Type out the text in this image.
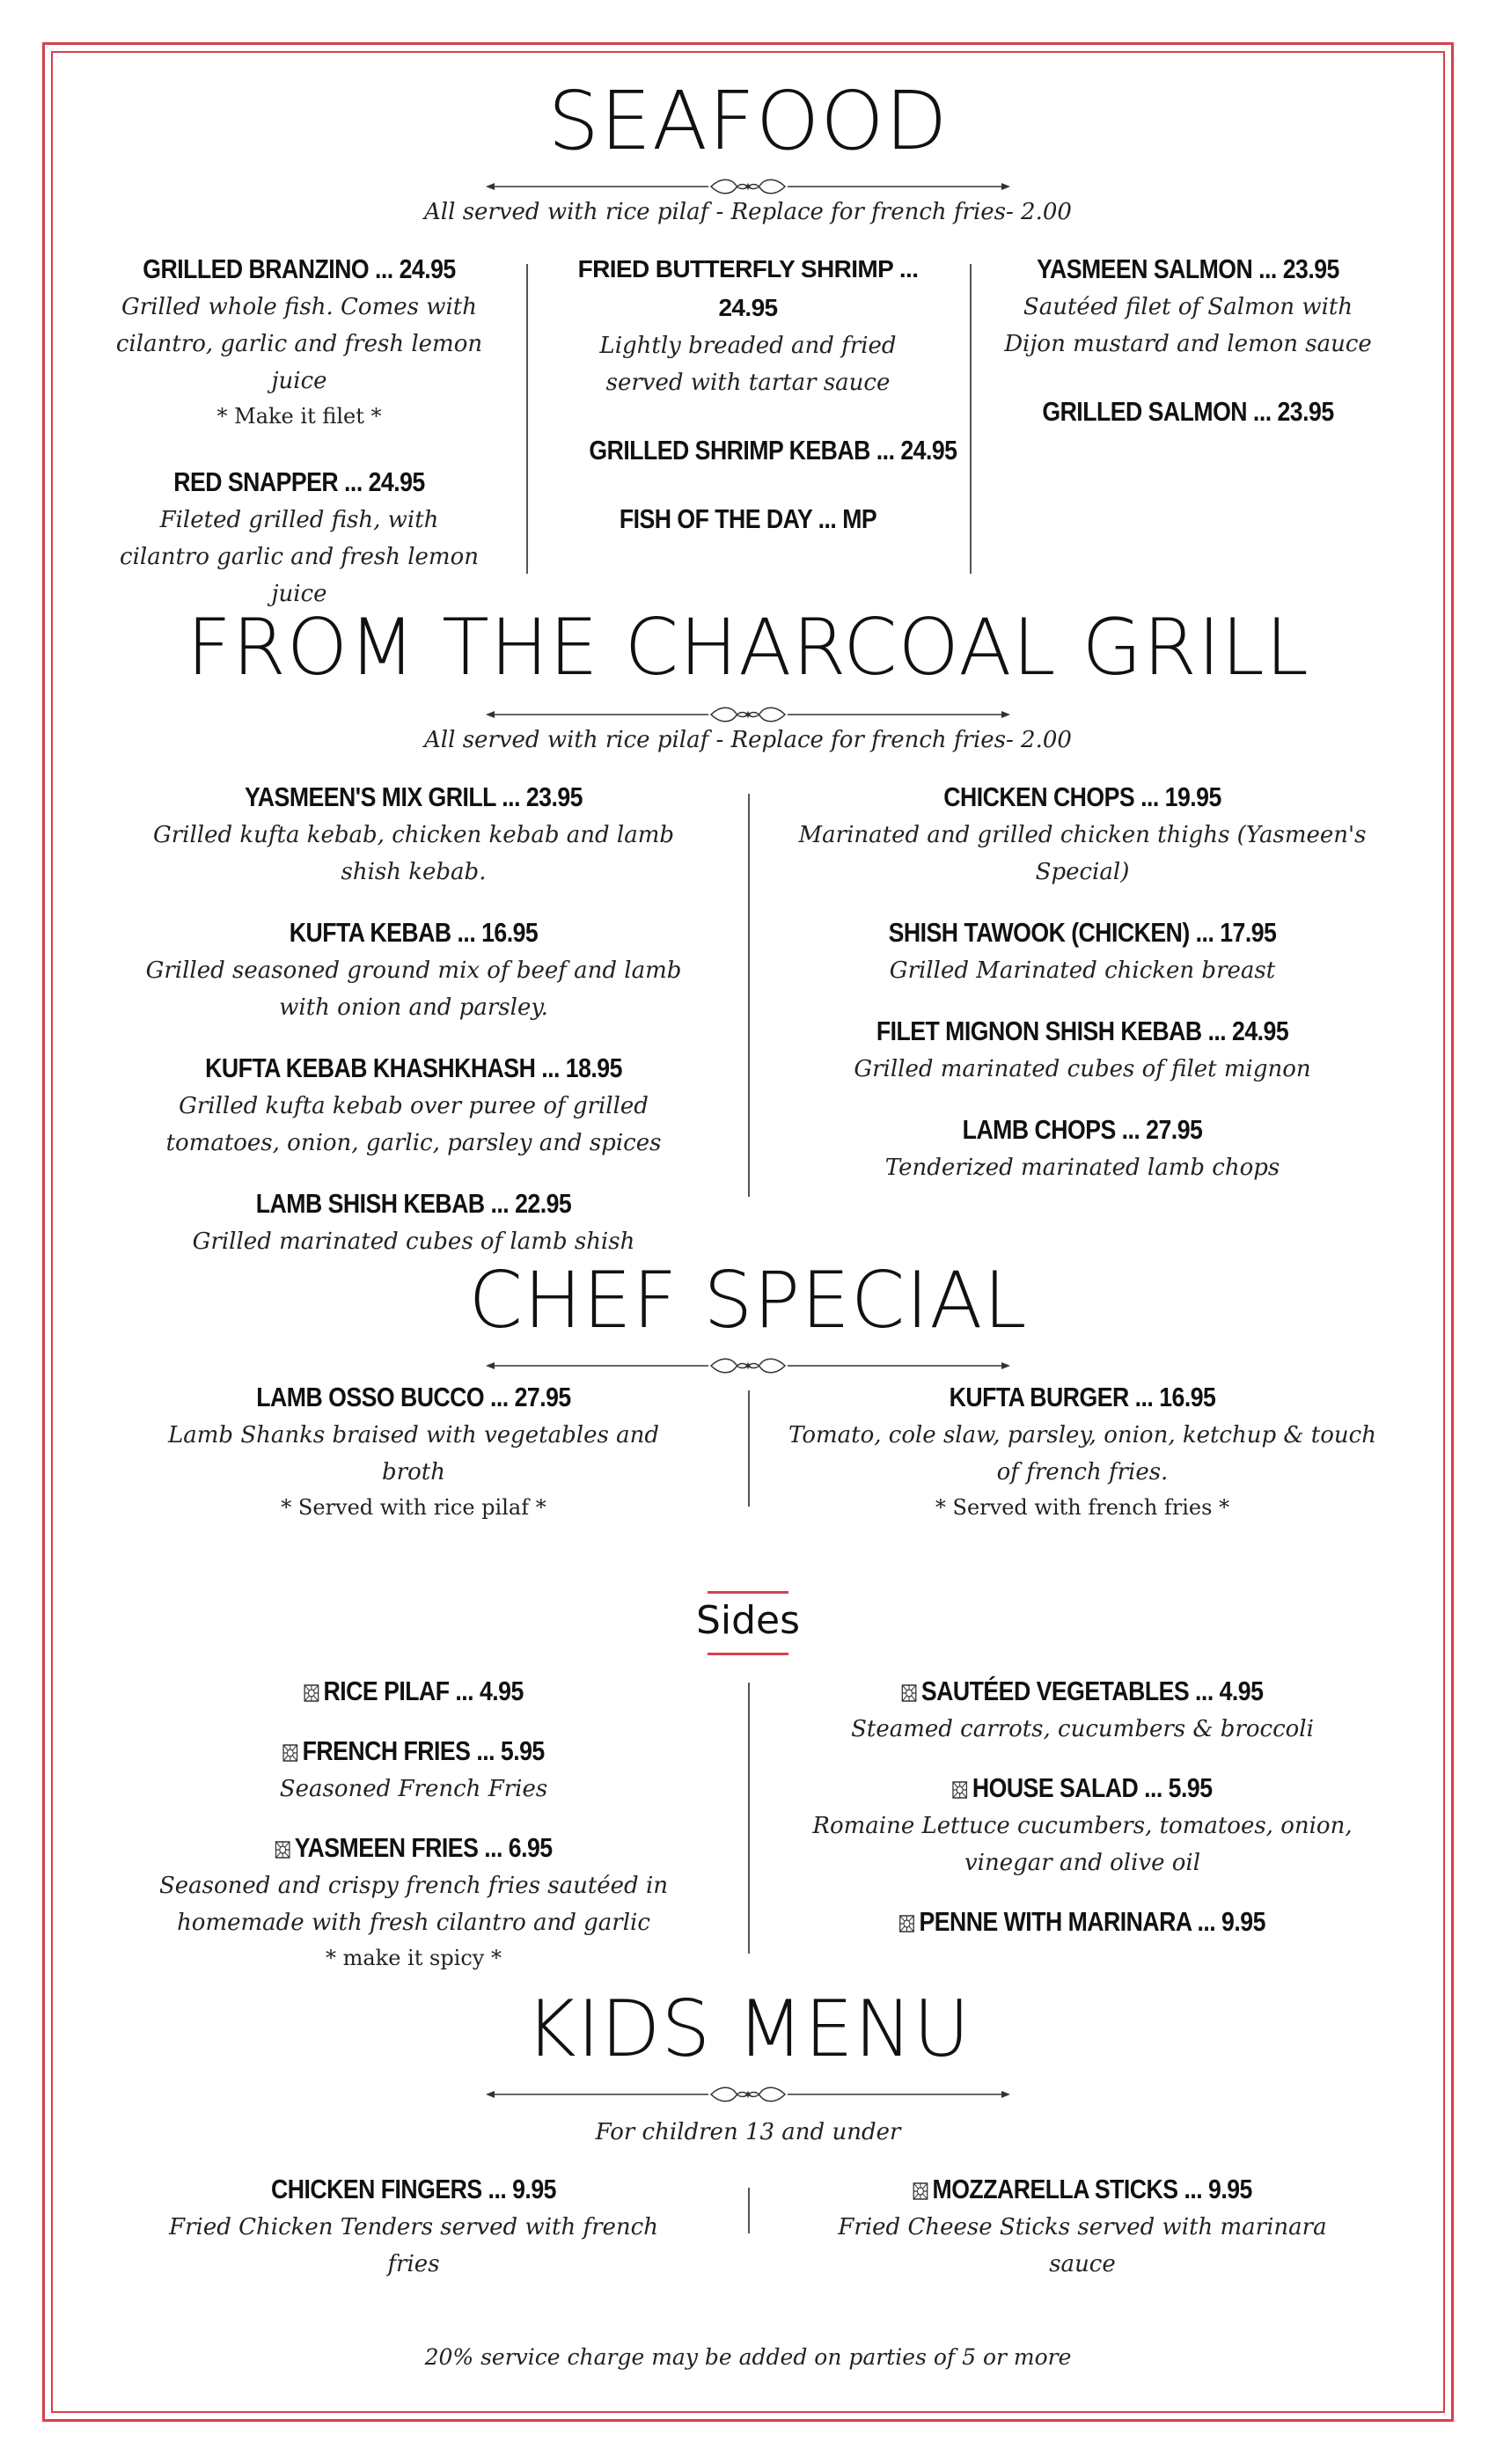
SEAFOOD
All served with rice pilaf - Replace for french fries- 2.00
GRILLED BRANZINO ... 24.95
Grilled whole fish. Comes with cilantro, garlic and fresh lemon juice
* Make it filet *
RED SNAPPER ... 24.95
Fileted grilled fish, with cilantro garlic and fresh lemon juice
FRIED BUTTERFLY SHRIMP ... 24.95
Lightly breaded and fried served with tartar sauce
GRILLED SHRIMP KEBAB ... 24.95
FISH OF THE DAY ... MP
YASMEEN SALMON ... 23.95
Sautéed filet of Salmon with Dijon mustard and lemon sauce
GRILLED SALMON ... 23.95
FROM THE CHARCOAL GRILL
All served with rice pilaf - Replace for french fries- 2.00
YASMEEN'S MIX GRILL ... 23.95
Grilled kufta kebab, chicken kebab and lamb shish kebab.
KUFTA KEBAB ... 16.95
Grilled seasoned ground mix of beef and lamb with onion and parsley.
KUFTA KEBAB KHASHKHASH ... 18.95
Grilled kufta kebab over puree of grilled tomatoes, onion, garlic, parsley and spices
LAMB SHISH KEBAB ... 22.95
Grilled marinated cubes of lamb shish
CHICKEN CHOPS ... 19.95
Marinated and grilled chicken thighs (Yasmeen's Special)
SHISH TAWOOK (CHICKEN) ... 17.95
Grilled Marinated chicken breast
FILET MIGNON SHISH KEBAB ... 24.95
Grilled marinated cubes of filet mignon
LAMB CHOPS ... 27.95
Tenderized marinated lamb chops
CHEF SPECIAL
LAMB OSSO BUCCO ... 27.95
Lamb Shanks braised with vegetables and broth
* Served with rice pilaf *
KUFTA BURGER ... 16.95
Tomato, cole slaw, parsley, onion, ketchup & touch of french fries.
* Served with french fries *
Sides
RICE PILAF ... 4.95
FRENCH FRIES ... 5.95
Seasoned French Fries
YASMEEN FRIES ... 6.95
Seasoned and crispy french fries sautéed in homemade with fresh cilantro and garlic
* make it spicy *
SAUTÉED VEGETABLES ... 4.95
Steamed carrots, cucumbers & broccoli
HOUSE SALAD ... 5.95
Romaine Lettuce cucumbers, tomatoes, onion, vinegar and olive oil
PENNE WITH MARINARA ... 9.95
KIDS MENU
For children 13 and under
CHICKEN FINGERS ... 9.95
Fried Chicken Tenders served with french fries
MOZZARELLA STICKS ... 9.95
Fried Cheese Sticks served with marinara sauce
20% service charge may be added on parties of 5 or more
